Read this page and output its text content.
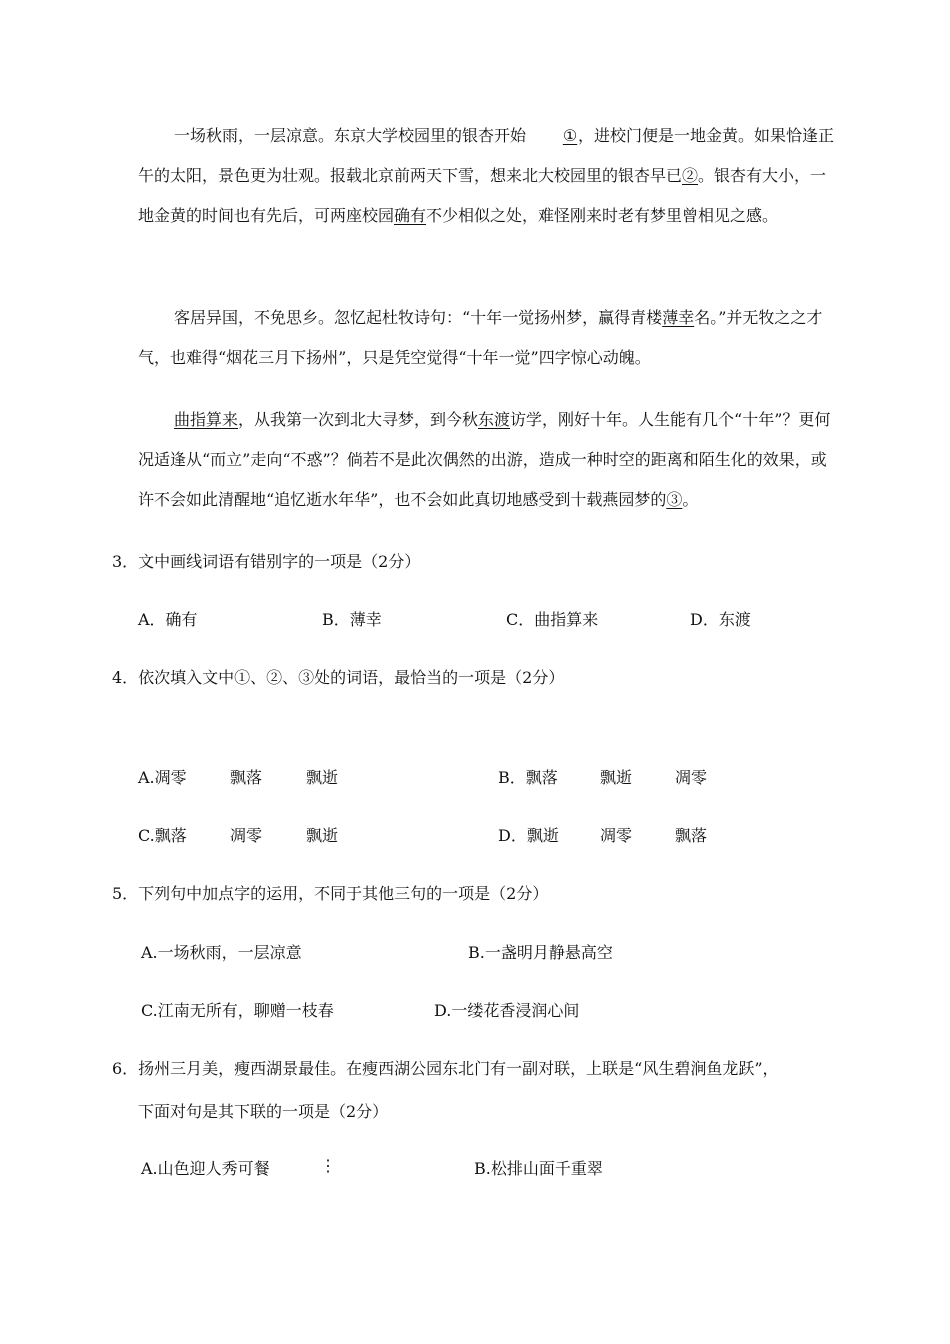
一场秋雨，一层凉意。东京大学校园里的银杏开始 ①，进校门便是一地金黄。如果恰逢正午的太阳，景色更为壮观。报载北京前两天下雪，想来北大校园里的银杏早已②。银杏有大小，一地金黄的时间也有先后，可两座校园确有不少相似之处，难怪刚来时老有梦里曾相见之感。

客居异国，不免思乡。忽忆起杜牧诗句：“十年一觉扬州梦，赢得青楼薄幸名。”并无牧之之才气，也难得“烟花三月下扬州”，只是凭空觉得“十年一觉”四字惊心动魄。

曲指算来，从我第一次到北大寻梦，到今秋东渡访学，刚好十年。人生能有几个“十年”？更何况适逢从“而立”走向“不惑”？倘若不是此次偶然的出游，造成一种时空的距离和陌生化的效果，或许不会如此清醒地“追忆逝水年华”，也不会如此真切地感受到十载燕园梦的③。

3．文中画线词语有错别字的一项是（2分）
A．确有	B．薄幸	C．曲指算来	D．东渡
4．依次填入文中①、②、③处的词语，最恰当的一项是（2分）
A.凋零	飘落	飘逝	B．飘落	飘逝	凋零
C.飘落	凋零	飘逝	D．飘逝	凋零	飘落
5．下列句中加点字的运用，不同于其他三句的一项是（2分）
A.一场秋雨，一层凉意	B.一盏明月静悬高空
C.江南无所有，聊赠一枝春	D.一缕花香浸润心间
6．扬州三月美，瘦西湖景最佳。在瘦西湖公园东北门有一副对联，上联是“风生碧涧鱼龙跃”，
下面对句是其下联的一项是（2分）
A.山色迎人秀可餐	⋮	B.松排山面千重翠
